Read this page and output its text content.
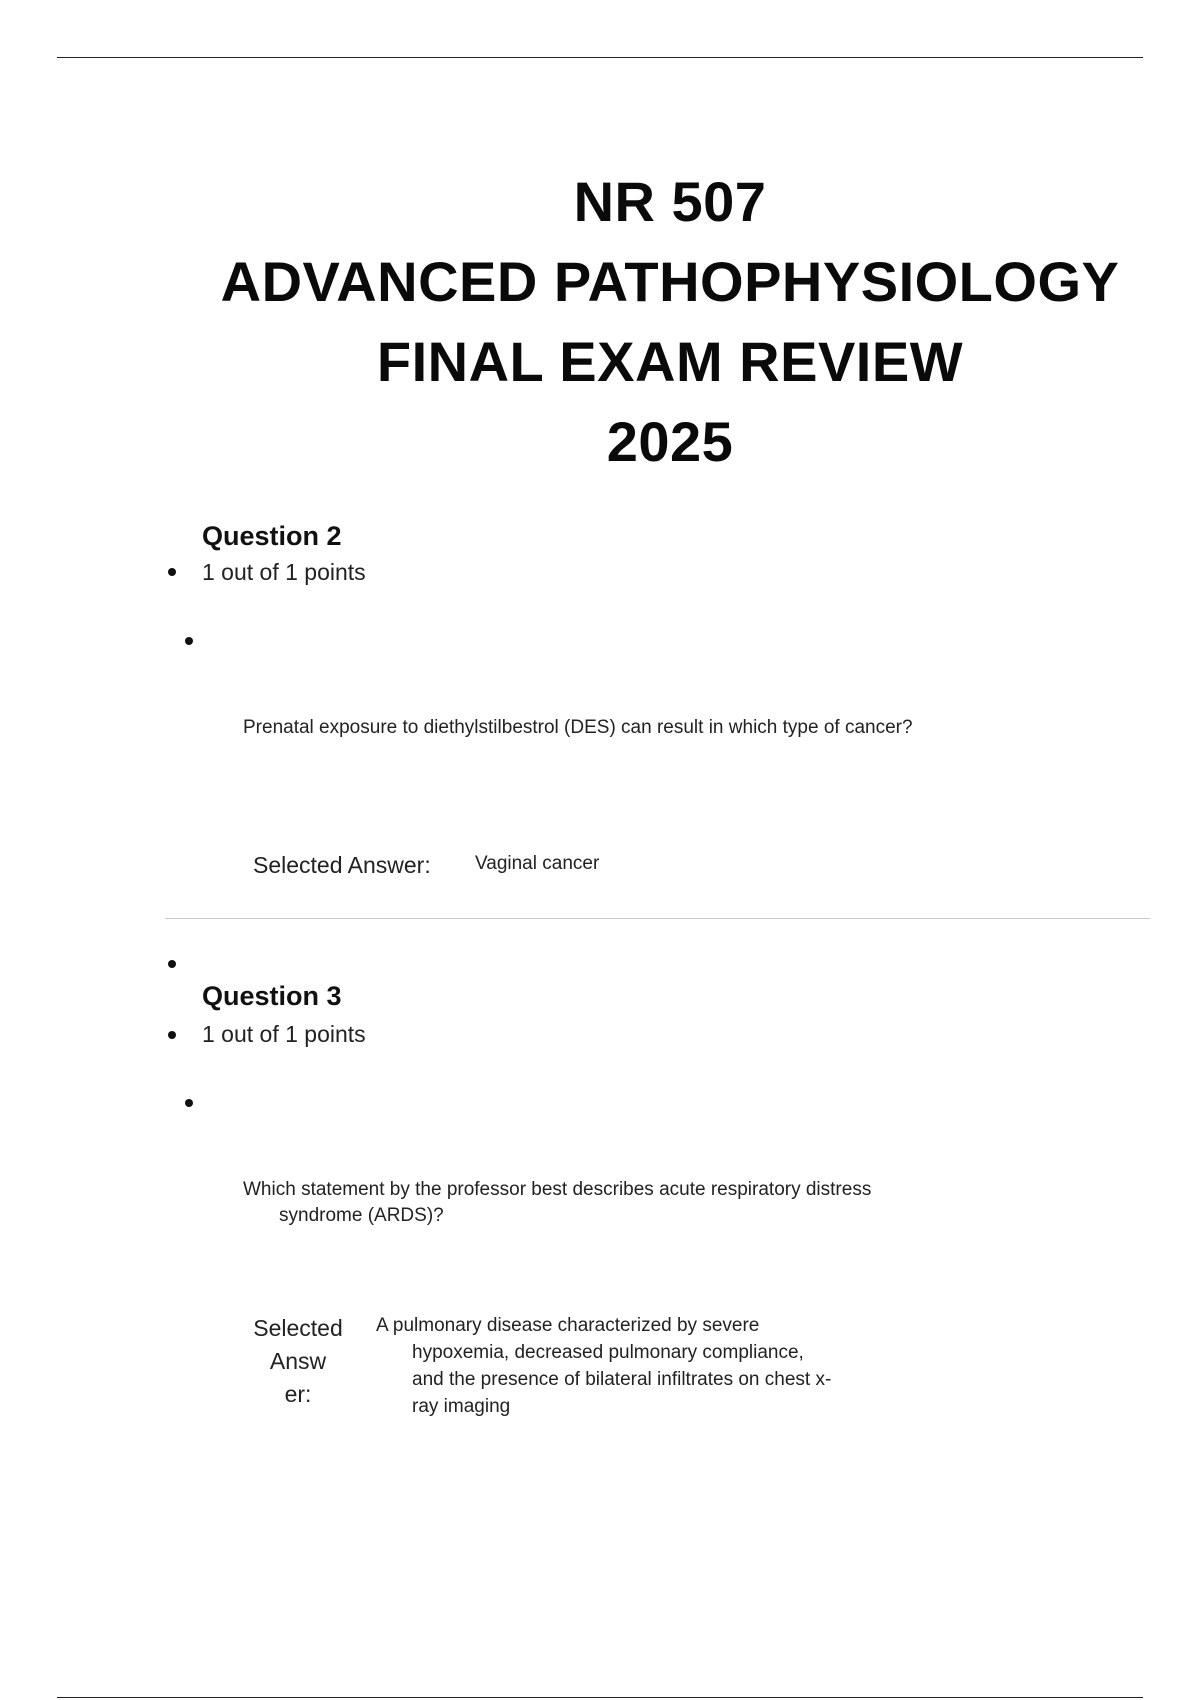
NR 507
ADVANCED PATHOPHYSIOLOGY
FINAL EXAM REVIEW
2025
Question 2
1 out of 1 points
Prenatal exposure to diethylstilbestrol (DES) can result in which type of cancer?
Selected Answer: Vaginal cancer
Question 3
1 out of 1 points
Which statement by the professor best describes acute respiratory distress syndrome (ARDS)?
Selected
Answ
er:
A pulmonary disease characterized by severe hypoxemia, decreased pulmonary compliance, and the presence of bilateral infiltrates on chest x-ray imaging
